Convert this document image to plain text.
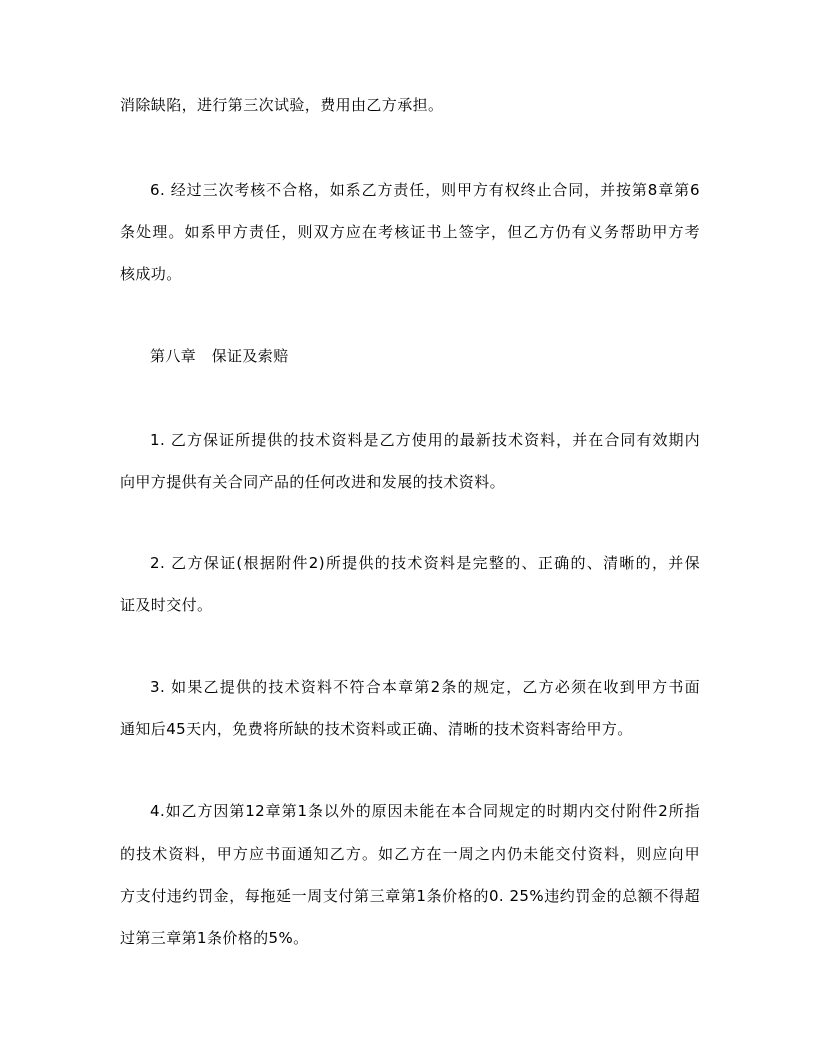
消除缺陷，进行第三次试验，费用由乙方承担。
6. 经过三次考核不合格，如系乙方责任，则甲方有权终止合同，并按第8章第6
条处理。如系甲方责任，则双方应在考核证书上签字，但乙方仍有义务帮助甲方考
核成功。
第八章　保证及索赔
1. 乙方保证所提供的技术资料是乙方使用的最新技术资料，并在合同有效期内
向甲方提供有关合同产品的任何改进和发展的技术资料。
2. 乙方保证(根据附件2)所提供的技术资料是完整的、正确的、清晰的，并保
证及时交付。
3. 如果乙提供的技术资料不符合本章第2条的规定，乙方必须在收到甲方书面
通知后45天内，免费将所缺的技术资料或正确、清晰的技术资料寄给甲方。
4.如乙方因第12章第1条以外的原因未能在本合同规定的时期内交付附件2所指
的技术资料，甲方应书面通知乙方。如乙方在一周之内仍未能交付资料，则应向甲
方支付违约罚金，每拖延一周支付第三章第1条价格的0. 25%违约罚金的总额不得超
过第三章第1条价格的5%。
